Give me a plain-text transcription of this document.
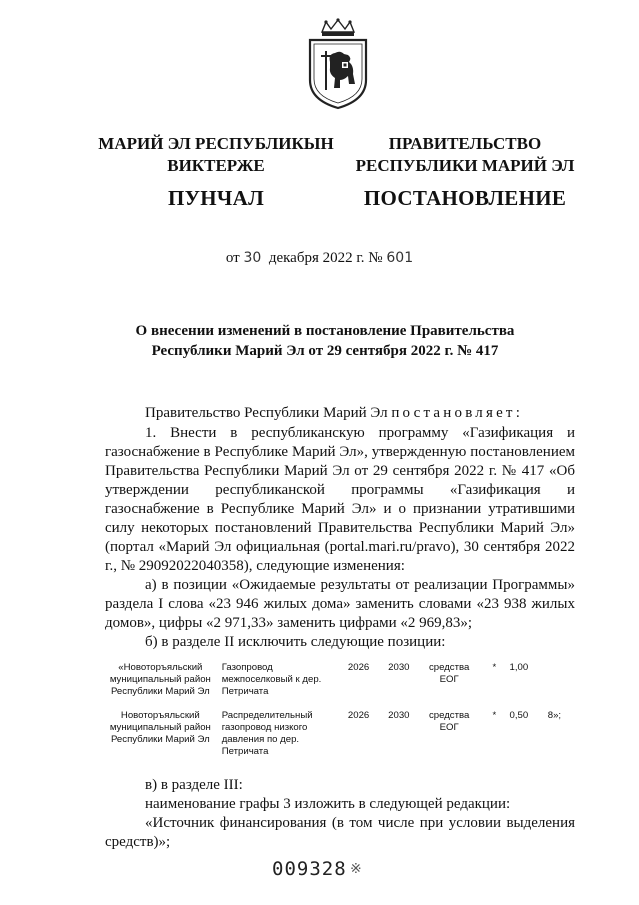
МАРИЙ ЭЛ РЕСПУБЛИКЫН
ВИКТЕРЖЕ
ПУНЧАЛ
ПРАВИТЕЛЬСТВО
РЕСПУБЛИКИ МАРИЙ ЭЛ
ПОСТАНОВЛЕНИЕ
от 30 декабря 2022 г. № 601
О внесении изменений в постановление Правительства
Республики Марий Эл от 29 сентября 2022 г. № 417
Правительство Республики Марий Эл постановляет:

1. Внести в республиканскую программу «Газификация и газоснабжение в Республике Марий Эл», утвержденную постановлением Правительства Республики Марий Эл от 29 сентября 2022 г. № 417 «Об утверждении республиканской программы «Газификация и газоснабжение в Республике Марий Эл» и о признании утратившими силу некоторых постановлений Правительства Республики Марий Эл» (портал «Марий Эл официальная (portal.mari.ru/pravo), 30 сентября 2022 г., № 29092022040358), следующие изменения:

а) в позиции «Ожидаемые результаты от реализации Программы» раздела I слова «23 946 жилых дома» заменить словами «23 938 жилых домов», цифры «2 971,33» заменить цифрами «2 969,83»;

б) в разделе II исключить следующие позиции:

«Новоторъяльский муниципальный район Республики Марий Эл	Газопровод межпоселковый к дер. Петричата	2026	2030	средства ЕОГ	*	1,00	

Новоторъяльский муниципальный район Республики Марий Эл	Распределительный газопровод низкого давления по дер. Петричата	2026	2030	средства ЕОГ	*	0,50	8»;

в) в разделе III:

наименование графы 3 изложить в следующей редакции:

«Источник финансирования (в том числе при условии выделения средств)»;

009328 ※
